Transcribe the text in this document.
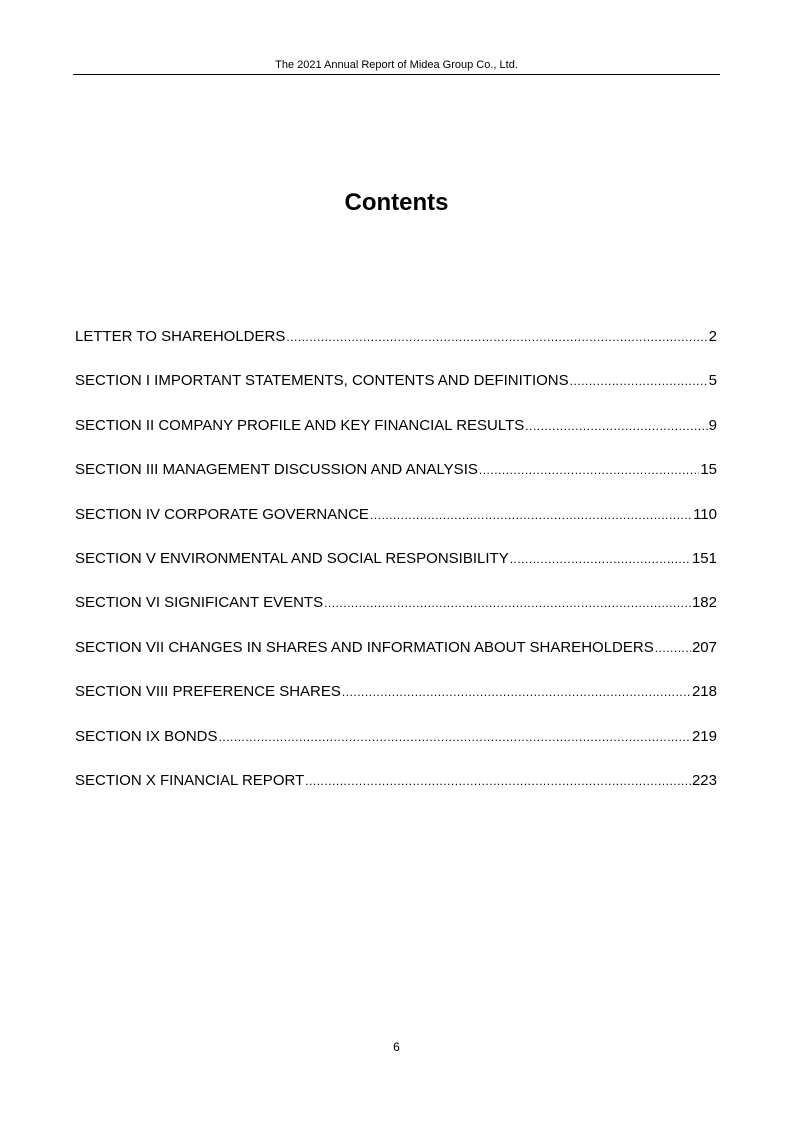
The 2021 Annual Report of Midea Group Co., Ltd.
Contents
LETTER TO SHAREHOLDERS .....	2
SECTION I IMPORTANT STATEMENTS, CONTENTS AND DEFINITIONS .....	5
SECTION II COMPANY PROFILE AND KEY FINANCIAL RESULTS .....	9
SECTION III MANAGEMENT DISCUSSION AND ANALYSIS .....	15
SECTION IV CORPORATE GOVERNANCE .....	110
SECTION V ENVIRONMENTAL AND SOCIAL RESPONSIBILITY .....	151
SECTION VI SIGNIFICANT EVENTS .....	182
SECTION VII CHANGES IN SHARES AND INFORMATION ABOUT SHAREHOLDERS .....	207
SECTION VIII PREFERENCE SHARES .....	218
SECTION IX BONDS .....	219
SECTION X FINANCIAL REPORT .....	223
6
